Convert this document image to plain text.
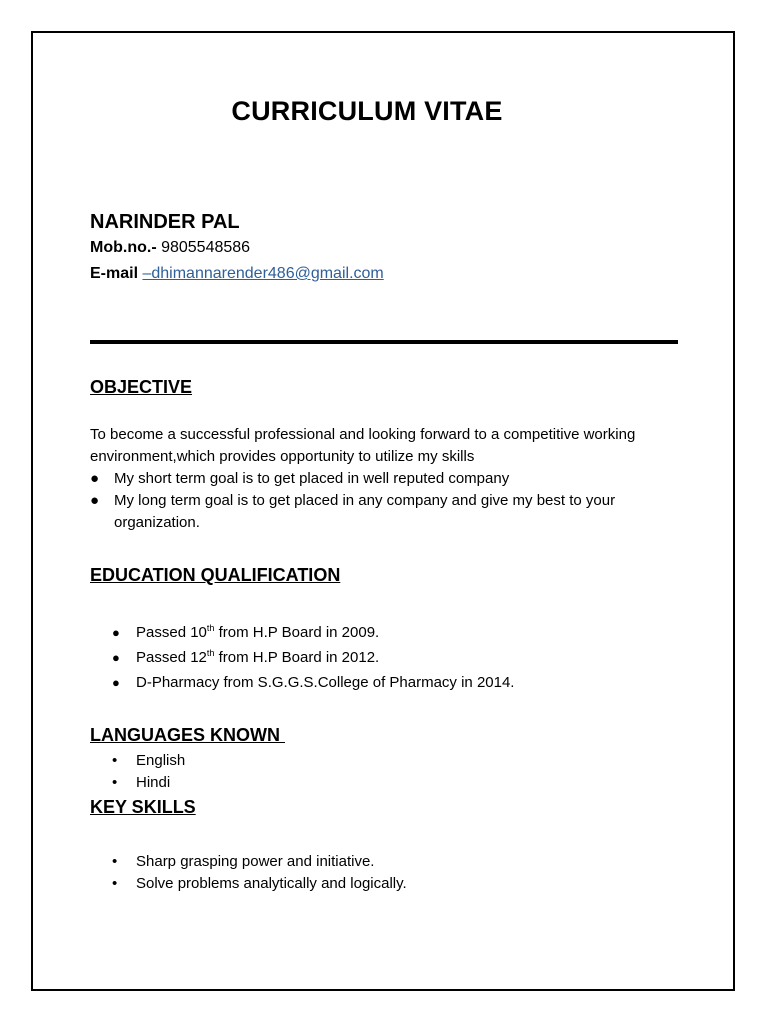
CURRICULUM VITAE
NARINDER PAL
Mob.no.- 9805548586
E-mail –dhimannarender486@gmail.com
OBJECTIVE
To become a successful professional and looking forward to a competitive working environment,which provides opportunity to utilize my skills
● My short term goal is to get placed in well reputed company
● My long term goal is to get placed in any company and give my best to your organization.
EDUCATION QUALIFICATION
● Passed 10th from H.P Board in 2009.
● Passed 12th from H.P Board in 2012.
● D-Pharmacy from S.G.G.S.College of Pharmacy in 2014.
LANGUAGES KNOWN
• English
• Hindi
KEY SKILLS
• Sharp grasping power and initiative.
• Solve problems analytically and logically.
